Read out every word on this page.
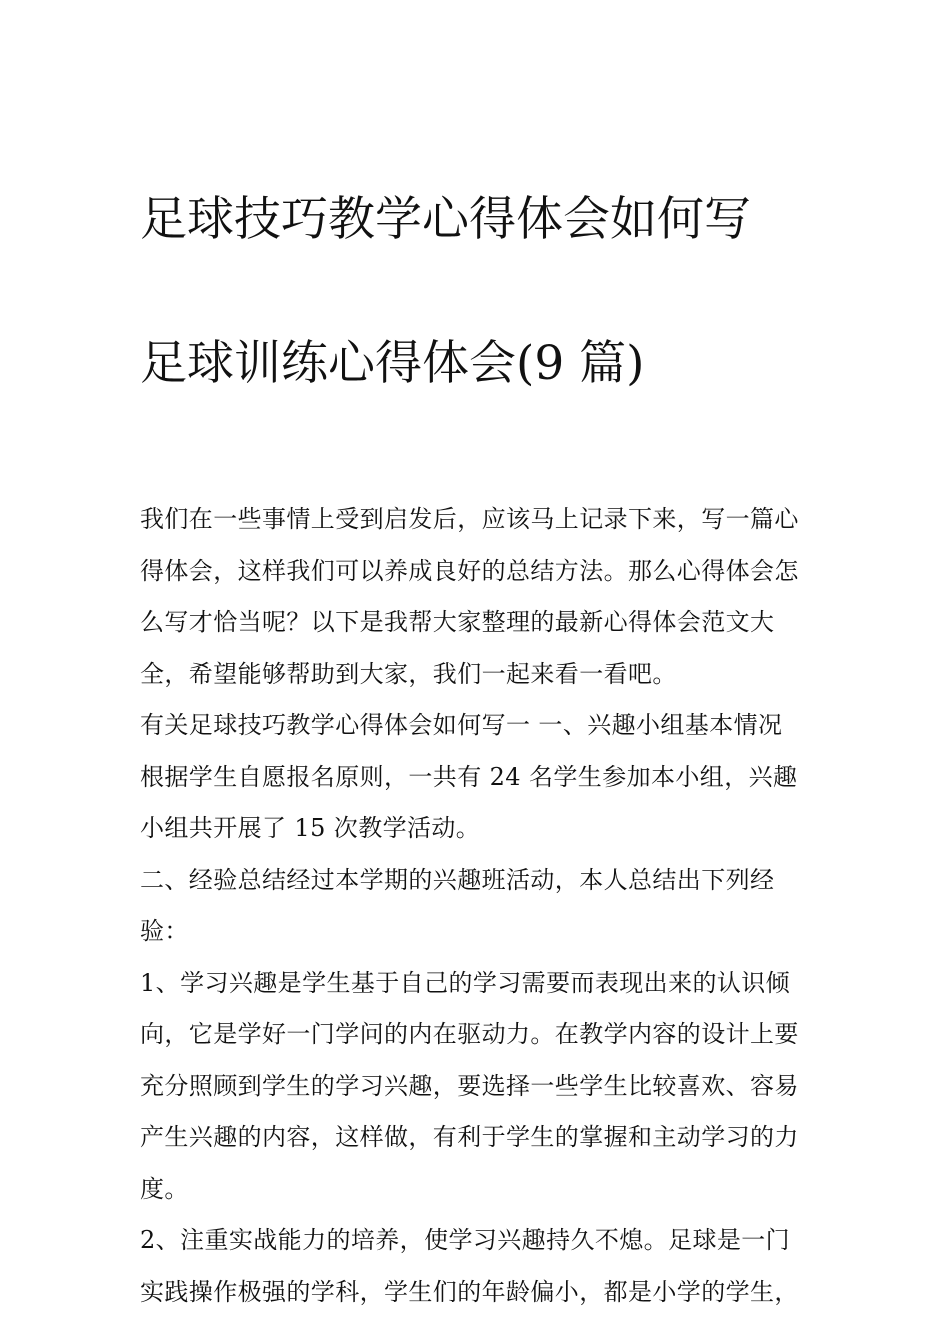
足球技巧教学心得体会如何写

足球训练心得体会(9 篇)

我们在一些事情上受到启发后，应该马上记录下来，写一篇心
得体会，这样我们可以养成良好的总结方法。那么心得体会怎
么写才恰当呢？以下是我帮大家整理的最新心得体会范文大
全，希望能够帮助到大家，我们一起来看一看吧。
有关足球技巧教学心得体会如何写一 一、兴趣小组基本情况
根据学生自愿报名原则，一共有 24 名学生参加本小组，兴趣
小组共开展了 15 次教学活动。
二、经验总结经过本学期的兴趣班活动，本人总结出下列经
验：
1、学习兴趣是学生基于自己的学习需要而表现出来的认识倾
向，它是学好一门学问的内在驱动力。在教学内容的设计上要
充分照顾到学生的学习兴趣，要选择一些学生比较喜欢、容易
产生兴趣的内容，这样做，有利于学生的掌握和主动学习的力
度。
2、注重实战能力的培养，使学习兴趣持久不熄。足球是一门
实践操作极强的学科，学生们的年龄偏小，都是小学的学生，
